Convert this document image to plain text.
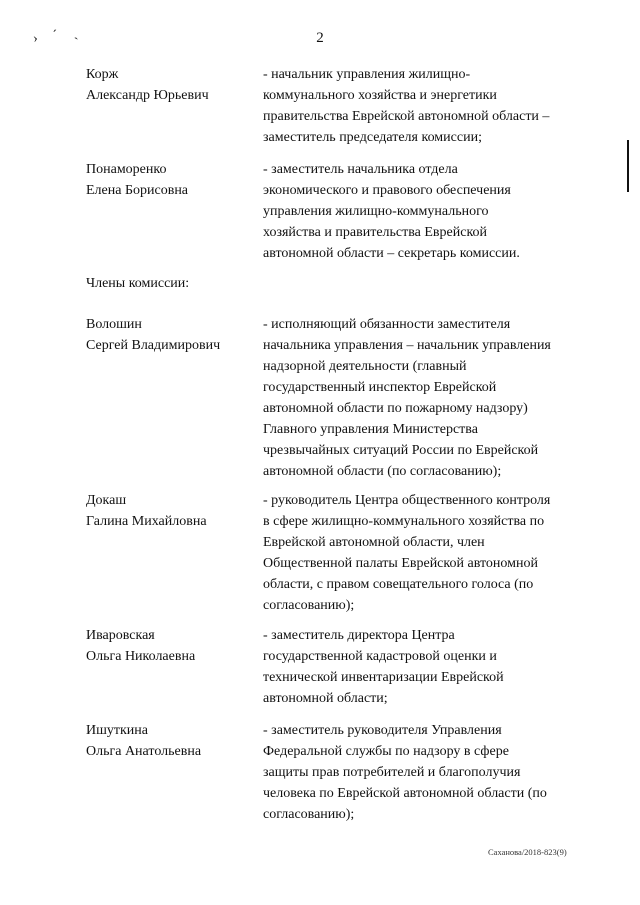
› ´ ˏ	2
Корж
Александр Юрьевич
- начальник управления жилищно-
коммунального хозяйства и энергетики
правительства Еврейской автономной области –
заместитель председателя комиссии;
Понаморенко
Елена Борисовна
- заместитель начальника отдела
экономического и правового обеспечения
управления жилищно-коммунального
хозяйства и правительства Еврейской
автономной области – секретарь комиссии.
Члены комиссии:
Волошин
Сергей Владимирович
- исполняющий обязанности заместителя
начальника управления – начальник управления
надзорной деятельности (главный
государственный инспектор Еврейской
автономной области по пожарному надзору)
Главного управления Министерства
чрезвычайных ситуаций России по Еврейской
автономной области (по согласованию);
Докаш
Галина Михайловна
- руководитель Центра общественного контроля
в сфере жилищно-коммунального хозяйства по
Еврейской автономной области, член
Общественной палаты Еврейской автономной
области, с правом совещательного голоса (по
согласованию);
Иваровская
Ольга Николаевна
- заместитель директора Центра
государственной кадастровой оценки и
технической инвентаризации Еврейской
автономной области;
Ишуткина
Ольга Анатольевна
- заместитель руководителя Управления
Федеральной службы по надзору в сфере
защиты прав потребителей и благополучия
человека по Еврейской автономной области (по
согласованию);
Саханова/2018-823(9)
